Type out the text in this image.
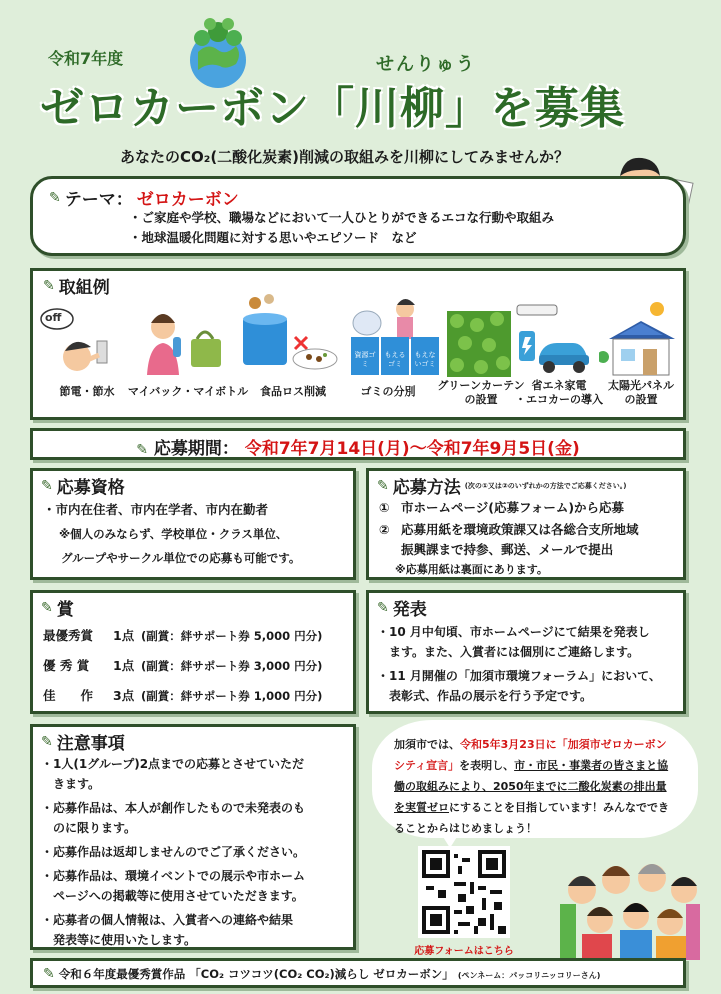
令和7年度	せんりゅう
ゼロカーボン「川柳」を募集
あなたのCO₂(二酸化炭素)削減の取組みを川柳にしてみませんか？
✎ テーマ： ゼロカーボン
・ご家庭や学校、職場などにおいて一人ひとりができるエコな行動や取組み
・地球温暖化問題に対する思いやエピソード　など
✎ 取組例
off
資源ゴミ
もえるゴミ
もえないゴミ
節電・節水	マイバック・マイボトル	食品ロス削減	ゴミの分別	グリーンカーテン
の設置
省エネ家電
・エコカーの導入
太陽光パネル
の設置
✎ 応募期間： 令和7年7月14日(月)～令和7年9月5日(金)
✎ 応募資格
・市内在住者、市内在学者、市内在勤者
※個人のみならず、学校単位・クラス単位、
グループやサークル単位での応募も可能です。
✎ 応募方法 (次の①又は②のいずれかの方法でご応募ください。)
① 市ホームページ(応募フォーム)から応募
② 応募用紙を環境政策課又は各総合支所地域
振興課まで持参、郵送、メールで提出
※応募用紙は裏面にあります。
✎ 賞
最優秀賞 1点 (副賞：絆サポート券 5,000 円分)
優 秀 賞 1点 (副賞：絆サポート券 3,000 円分)
佳　　作 3点 (副賞：絆サポート券 1,000 円分)
✎ 発表
・10 月中旬頃、市ホームページにて結果を発表し
　ます。また、入賞者には個別にご連絡します。
・11 月開催の「加須市環境フォーラム」において、
　表彰式、作品の展示を行う予定です。
✎ 注意事項
・1人(1グループ)2点までの応募とさせていただ
　きます。
・応募作品は、本人が創作したもので未発表のも
　のに限ります。
・応募作品は返却しませんのでご了承ください。
・応募作品は、環境イベントでの展示や市ホーム
　ページへの掲載等に使用させていただきます。
・応募者の個人情報は、入賞者への連絡や結果
　発表等に使用いたします。
加須市では、令和5年3月23日に「加須市ゼロカーボンシティ宣言」を表明し、市・市民・事業者の皆さまと協働の取組みにより、2050年までに二酸化炭素の排出量を実質ゼロにすることを目指しています！みんなでできることからはじめましょう！
応募フォームはこちら
✎ 令和６年度最優秀賞作品 「CO₂ コツコツ(CO₂ CO₂)減らし ゼロカーボン」 (ペンネーム：パッコリニッコリーさん)
